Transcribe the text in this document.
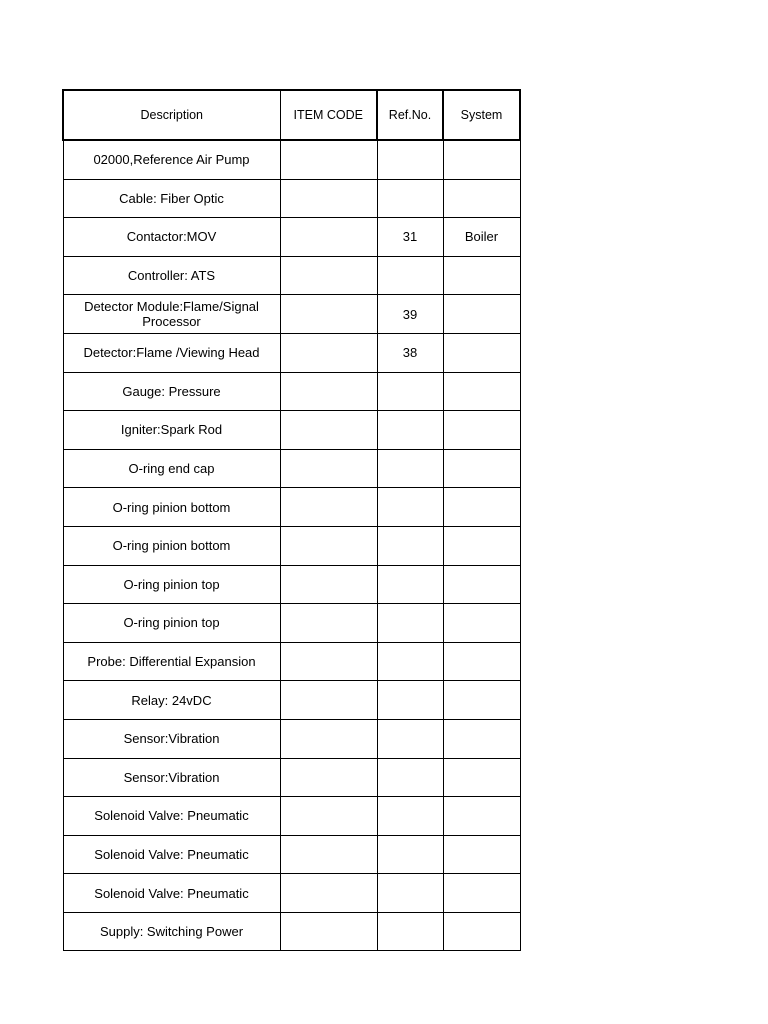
Description	ITEM CODE	Ref.No.	System
02000,Reference Air Pump			
Cable: Fiber Optic			
Contactor:MOV		31	Boiler
Controller: ATS			
Detector Module:Flame/Signal Processor		39	
Detector:Flame /Viewing Head		38	
Gauge: Pressure			
Igniter:Spark Rod			
O-ring end cap			
O-ring pinion bottom			
O-ring pinion bottom			
O-ring pinion top			
O-ring pinion top			
Probe: Differential Expansion			
Relay: 24vDC			
Sensor:Vibration			
Sensor:Vibration			
Solenoid Valve: Pneumatic			
Solenoid Valve: Pneumatic			
Solenoid Valve: Pneumatic			
Supply: Switching Power			
